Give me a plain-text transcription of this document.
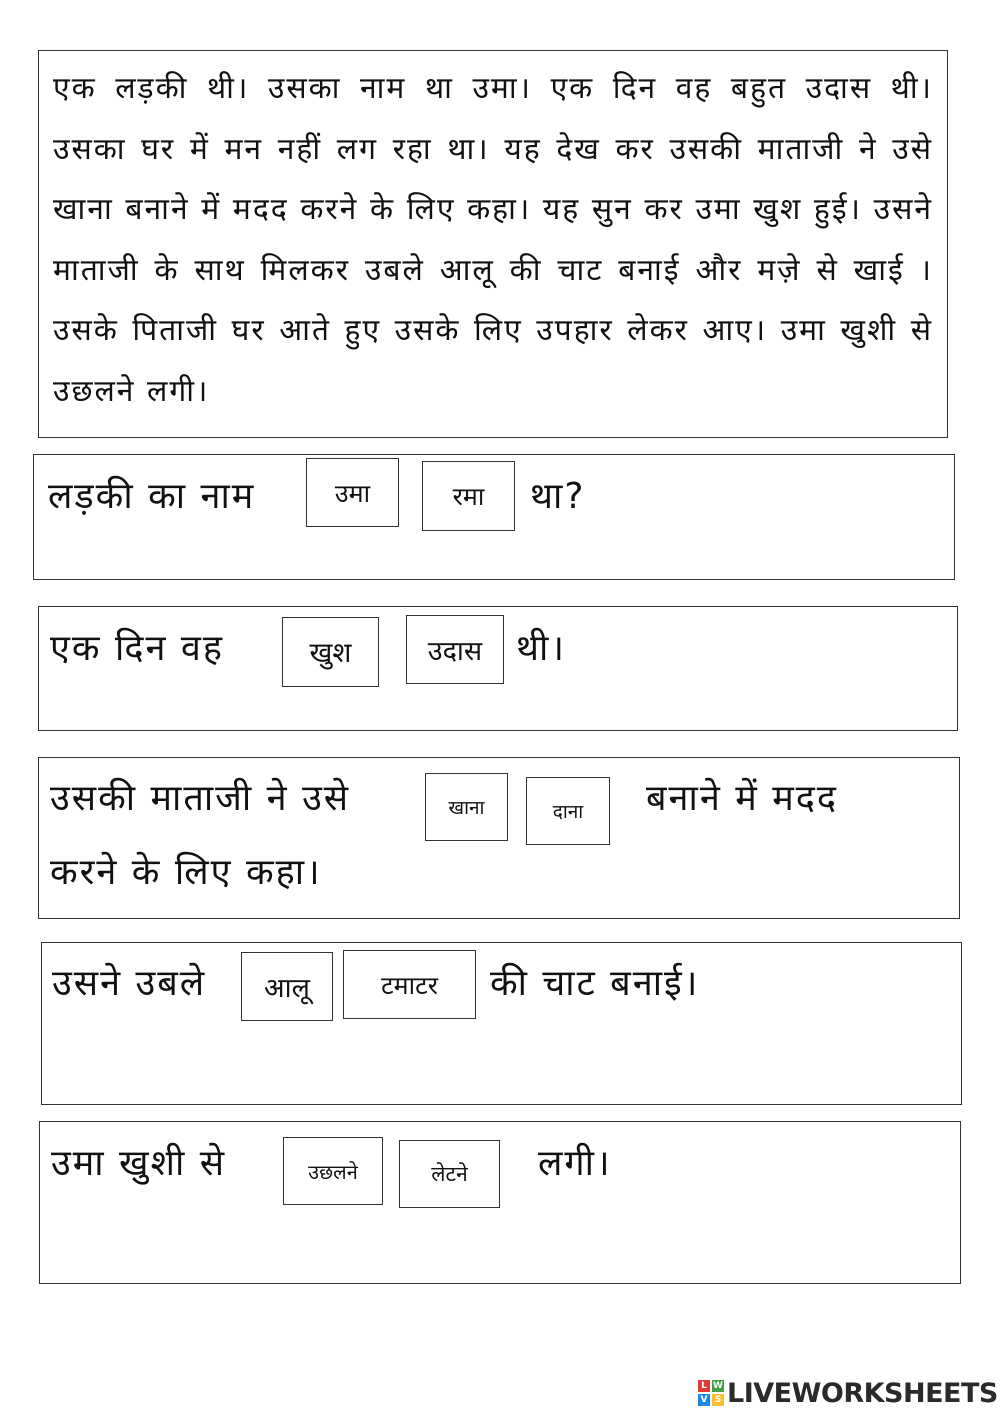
एक लड़की थी। उसका नाम था उमा। एक दिन वह बहुत उदास थी। उसका घर में मन नहीं लग रहा था। यह देख कर उसकी माताजी ने उसे खाना बनाने में मदद करने के लिए कहा। यह सुन कर उमा खुश हुई। उसने माताजी के साथ मिलकर उबले आलू की चाट बनाई और मज़े से खाई । उसके पिताजी घर आते हुए उसके लिए उपहार लेकर आए। उमा खुशी से उछलने लगी।

लड़की का नाम	उमा	रमा था?
एक दिन वह	खुश	उदास थी।
उसकी माताजी ने उसे	खाना	दाना बनाने में मदद
करने के लिए कहा।
उसने उबले आलू	टमाटर की चाट बनाई।
उमा खुशी से	उछलने	लेटने लगी।
L W
V S LIVEWORKSHEETS
